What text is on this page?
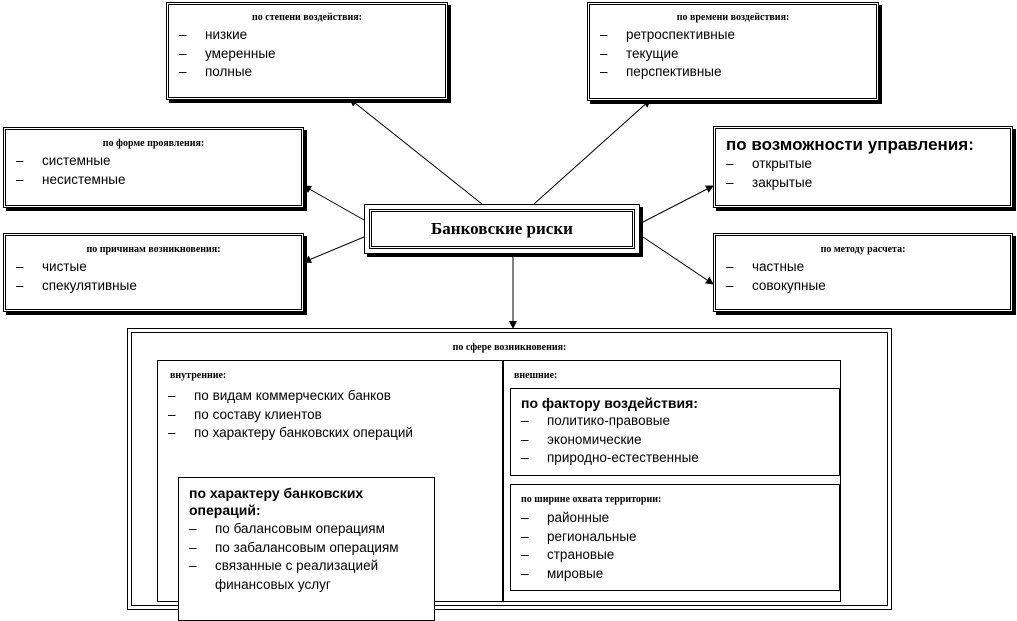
Банковские риски
по степени воздействия:
– низкие
– умеренные
– полные
по времени воздействия:
– ретроспективные
– текущие
– перспективные
по форме проявления:
– системные
– несистемные
по возможности управления:
– открытые
– закрытые
по причинам возникновения:
– чистые
– спекулятивные
по методу расчета:
– частные
– совокупные
по сфере возникновения:
внутренние:
– по видам коммерческих банков
– по составу клиентов
– по характеру банковских операций
по характеру банковских
операций:
– по балансовым операциям
– по забалансовым операциям
– связанные с реализацией
финансовых услуг
внешние:
по фактору воздействия:
– политико-правовые
– экономические
– природно-естественные
по ширине охвата территории:
– районные
– региональные
– страновые
– мировые
